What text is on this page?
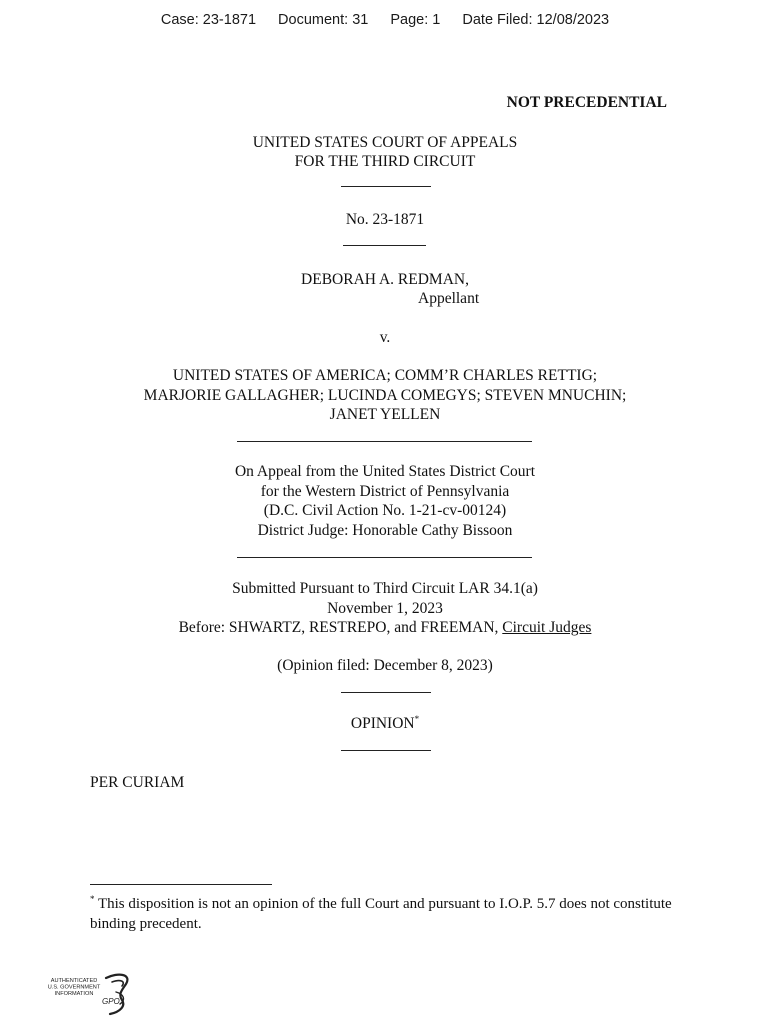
Case: 23-1871 Document: 31 Page: 1 Date Filed: 12/08/2023
NOT PRECEDENTIAL
UNITED STATES COURT OF APPEALS
FOR THE THIRD CIRCUIT
No. 23-1871
DEBORAH A. REDMAN,
Appellant
v.
UNITED STATES OF AMERICA; COMM’R CHARLES RETTIG;
MARJORIE GALLAGHER; LUCINDA COMEGYS; STEVEN MNUCHIN;
JANET YELLEN
On Appeal from the United States District Court
for the Western District of Pennsylvania
(D.C. Civil Action No. 1-21-cv-00124)
District Judge: Honorable Cathy Bissoon
Submitted Pursuant to Third Circuit LAR 34.1(a)
November 1, 2023
Before: SHWARTZ, RESTREPO, and FREEMAN, Circuit Judges
(Opinion filed: December 8, 2023)
OPINION*
PER CURIAM
* This disposition is not an opinion of the full Court and pursuant to I.O.P. 5.7 does not constitute binding precedent.
AUTHENTICATED
U.S. GOVERNMENT
INFORMATION
GPO
